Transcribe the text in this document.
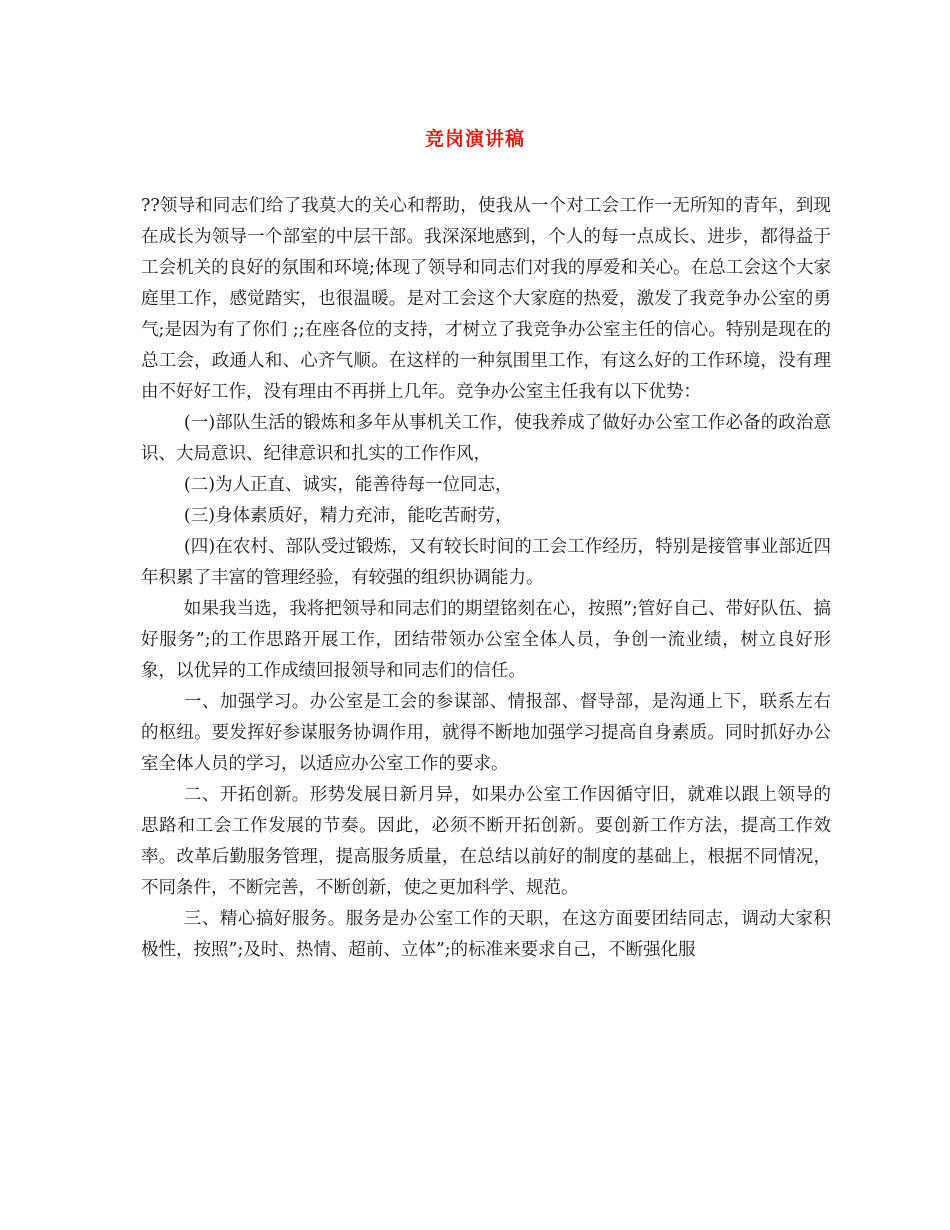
竞岗演讲稿

??领导和同志们给了我莫大的关心和帮助，使我从一个对工会工作一无所知的青年，到现在成长为领导一个部室的中层干部。我深深地感到，个人的每一点成长、进步，都得益于工会机关的良好的氛围和环境;体现了领导和同志们对我的厚爱和关心。在总工会这个大家庭里工作，感觉踏实，也很温暖。是对工会这个大家庭的热爱，激发了我竞争办公室的勇气;是因为有了你们 ;;在座各位的支持，才树立了我竞争办公室主任的信心。特别是现在的总工会，政通人和、心齐气顺。在这样的一种氛围里工作，有这么好的工作环境，没有理由不好好工作，没有理由不再拼上几年。竞争办公室主任我有以下优势：

(一)部队生活的锻炼和多年从事机关工作，使我养成了做好办公室工作必备的政治意识、大局意识、纪律意识和扎实的工作作风，

(二)为人正直、诚实，能善待每一位同志，

(三)身体素质好，精力充沛，能吃苦耐劳，

(四)在农村、部队受过锻炼，又有较长时间的工会工作经历，特别是接管事业部近四年积累了丰富的管理经验，有较强的组织协调能力。

如果我当选，我将把领导和同志们的期望铭刻在心，按照”;管好自己、带好队伍、搞好服务”;的工作思路开展工作，团结带领办公室全体人员，争创一流业绩，树立良好形象，以优异的工作成绩回报领导和同志们的信任。

一、加强学习。办公室是工会的参谋部、情报部、督导部，是沟通上下，联系左右的枢纽。要发挥好参谋服务协调作用，就得不断地加强学习提高自身素质。同时抓好办公室全体人员的学习，以适应办公室工作的要求。

二、开拓创新。形势发展日新月异，如果办公室工作因循守旧，就难以跟上领导的思路和工会工作发展的节奏。因此，必须不断开拓创新。要创新工作方法，提高工作效率。改革后勤服务管理，提高服务质量，在总结以前好的制度的基础上，根据不同情况，不同条件，不断完善，不断创新，使之更加科学、规范。

三、精心搞好服务。服务是办公室工作的天职，在这方面要团结同志，调动大家积极性，按照”;及时、热情、超前、立体”;的标准来要求自己，不断强化服
